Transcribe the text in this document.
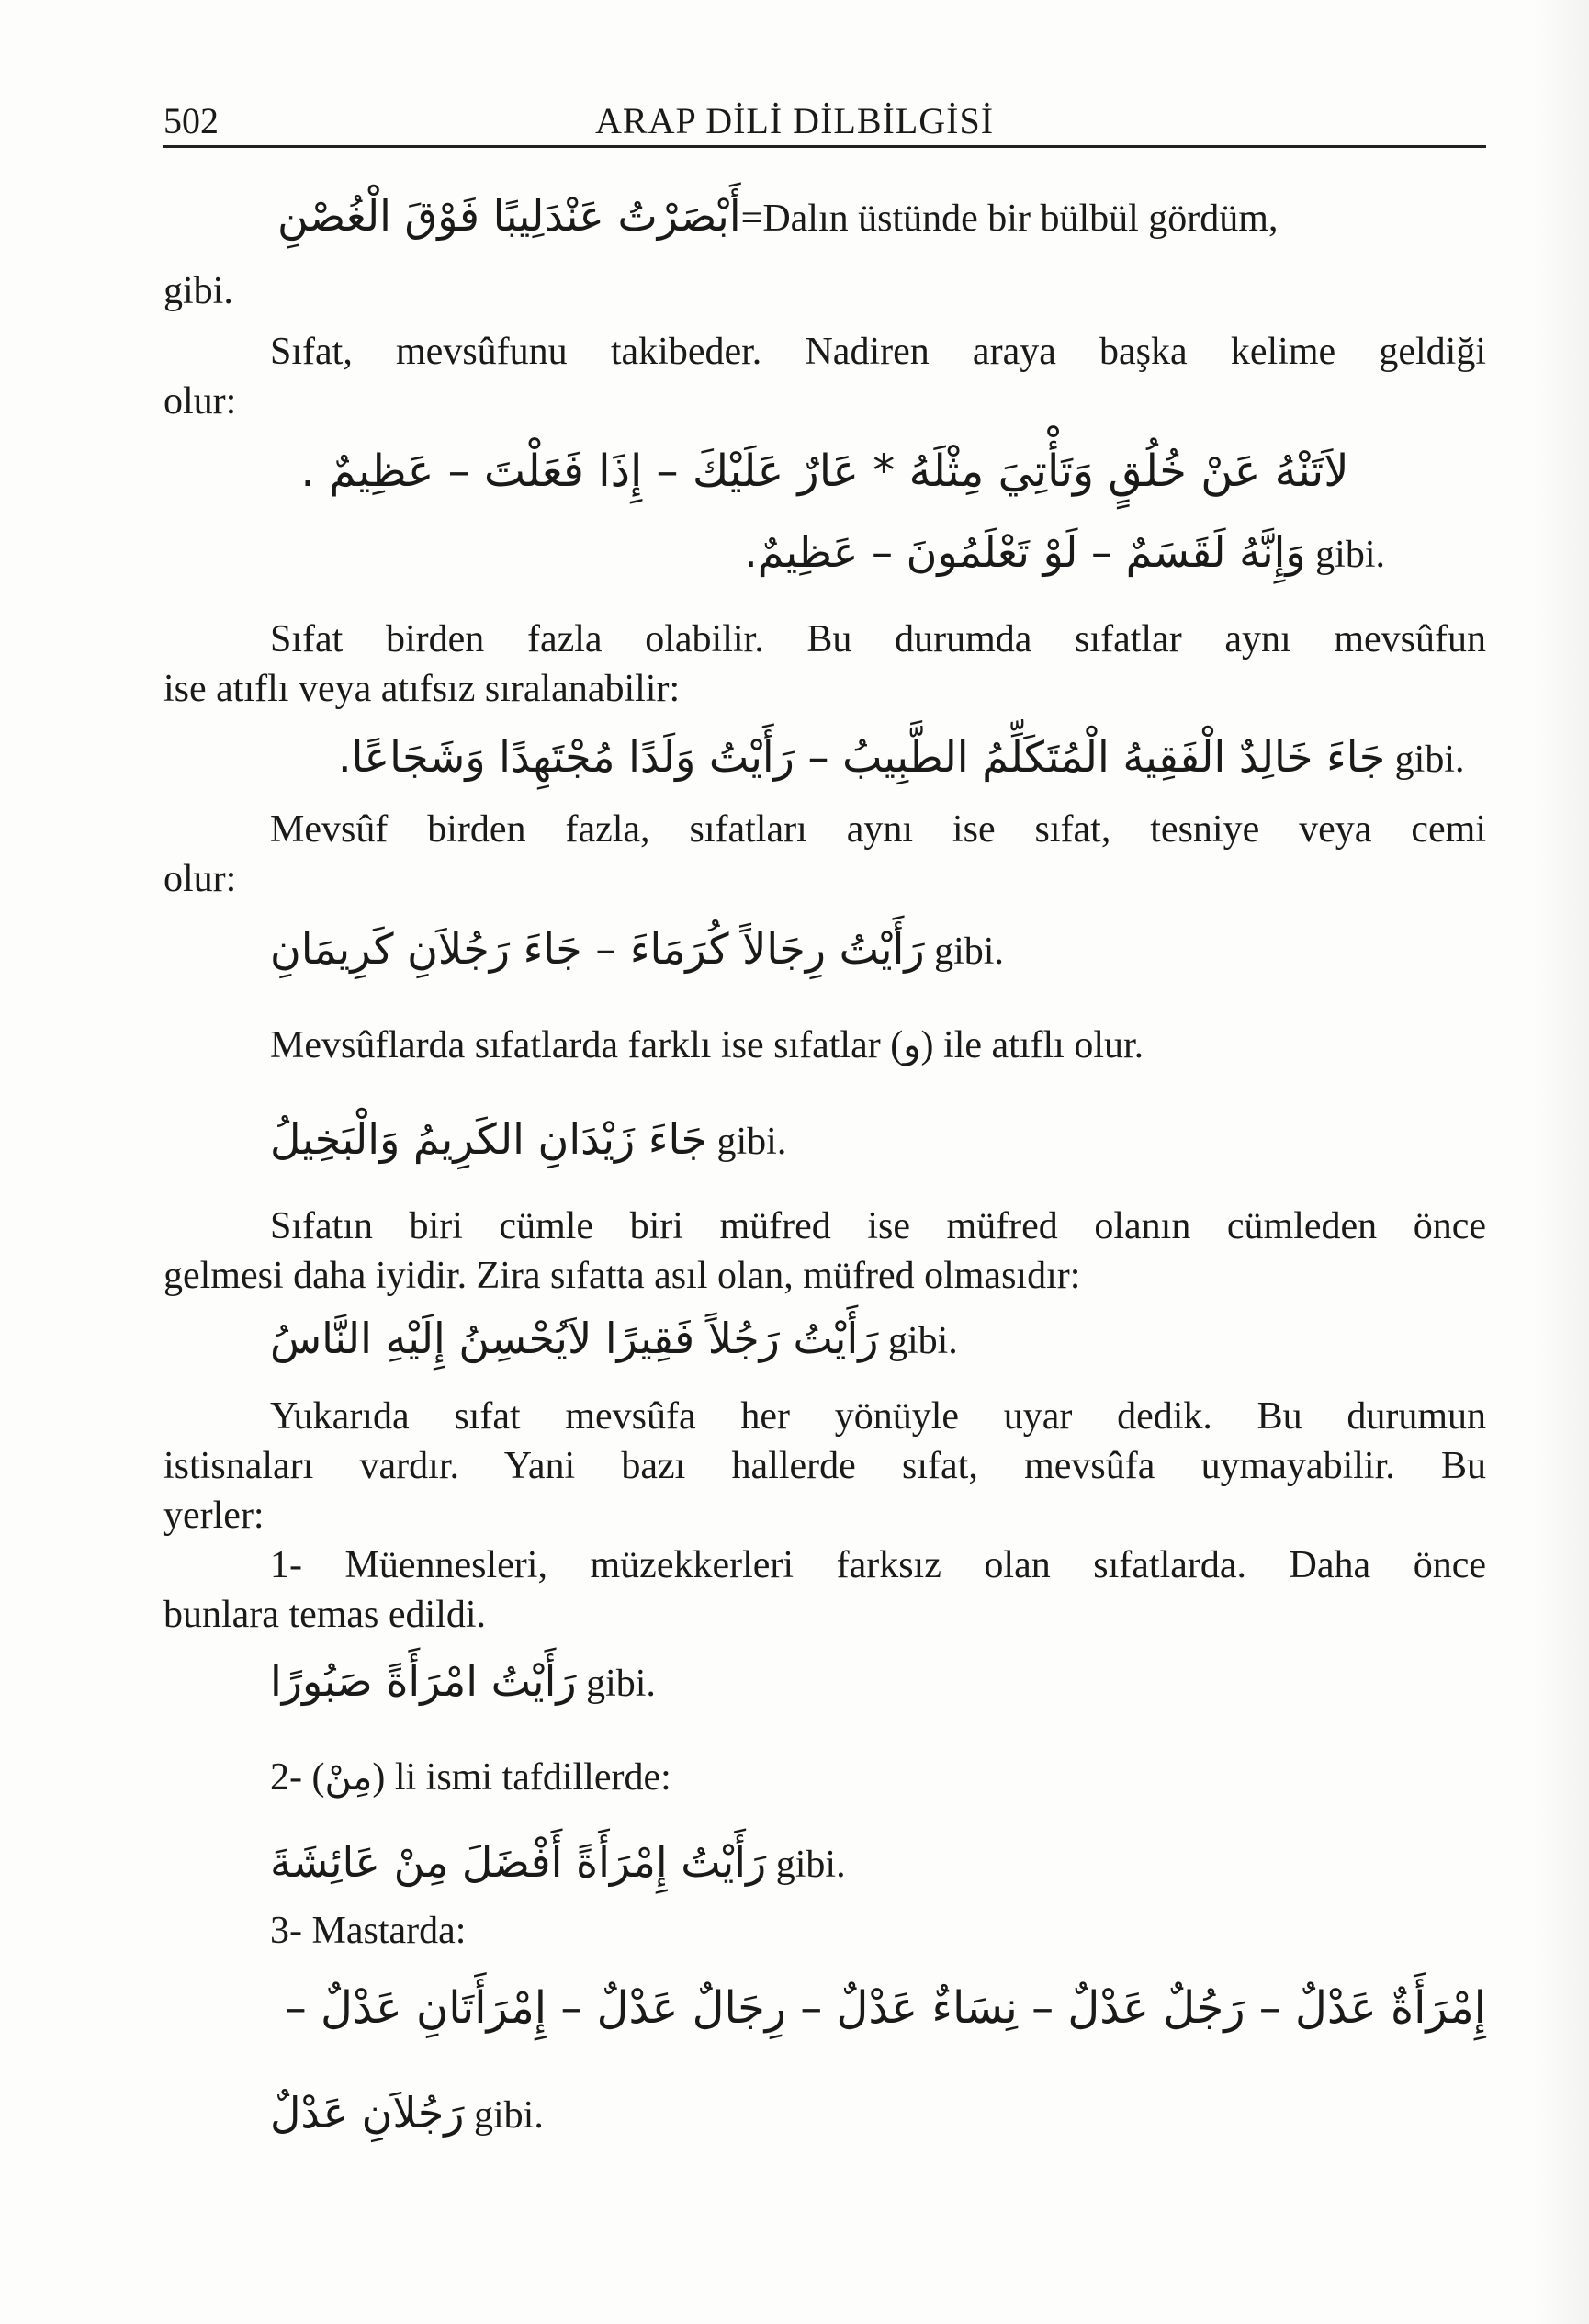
502	ARAP DİLİ DİLBİLGİSİ
أَبْصَرْتُ عَنْدَلِيبًا فَوْقَ الْغُصْنِ=Dalın üstünde bir bülbül gördüm,
gibi.
Sıfat, mevsûfunu takibeder. Nadiren araya başka kelime geldiği
olur:
لاَتَنْهُ عَنْ خُلُقٍ وَتَأْتِيَ مِثْلَهُ * عَارٌ عَلَيْكَ – إِذَا فَعَلْتَ – عَظِيمٌ .
وَإِنَّهُ لَقَسَمٌ – لَوْ تَعْلَمُونَ – عَظِيمٌ. gibi.
Sıfat birden fazla olabilir. Bu durumda sıfatlar aynı mevsûfun
ise atıflı veya atıfsız sıralanabilir:
جَاءَ خَالِدٌ الْفَقِيهُ الْمُتَكَلِّمُ الطَّبِيبُ – رَأَيْتُ وَلَدًا مُجْتَهِدًا وَشَجَاعًا. gibi.
Mevsûf birden fazla, sıfatları aynı ise sıfat, tesniye veya cemi
olur:
رَأَيْتُ رِجَالاً كُرَمَاءَ – جَاءَ رَجُلاَنِ كَرِيمَانِ gibi.
Mevsûflarda sıfatlarda farklı ise sıfatlar (و) ile atıflı olur.
جَاءَ زَيْدَانِ الكَرِيمُ وَالْبَخِيلُ gibi.
Sıfatın biri cümle biri müfred ise müfred olanın cümleden önce
gelmesi daha iyidir. Zira sıfatta asıl olan, müfred olmasıdır:
رَأَيْتُ رَجُلاً فَقِيرًا لاَيُحْسِنُ إِلَيْهِ النَّاسُ gibi.
Yukarıda sıfat mevsûfa her yönüyle uyar dedik. Bu durumun
istisnaları vardır. Yani bazı hallerde sıfat, mevsûfa uymayabilir. Bu
yerler:
1- Müennesleri, müzekkerleri farksız olan sıfatlarda. Daha önce
bunlara temas edildi.
رَأَيْتُ امْرَأَةً صَبُورًا gibi.
2- (مِنْ) li ismi tafdillerde:
رَأَيْتُ إِمْرَأَةً أَفْضَلَ مِنْ عَائِشَةَ gibi.
3- Mastarda:
إِمْرَأَةٌ عَدْلٌ – رَجُلٌ عَدْلٌ – نِسَاءٌ عَدْلٌ – رِجَالٌ عَدْلٌ – إِمْرَأَتَانِ عَدْلٌ –
رَجُلاَنِ عَدْلٌ gibi.
